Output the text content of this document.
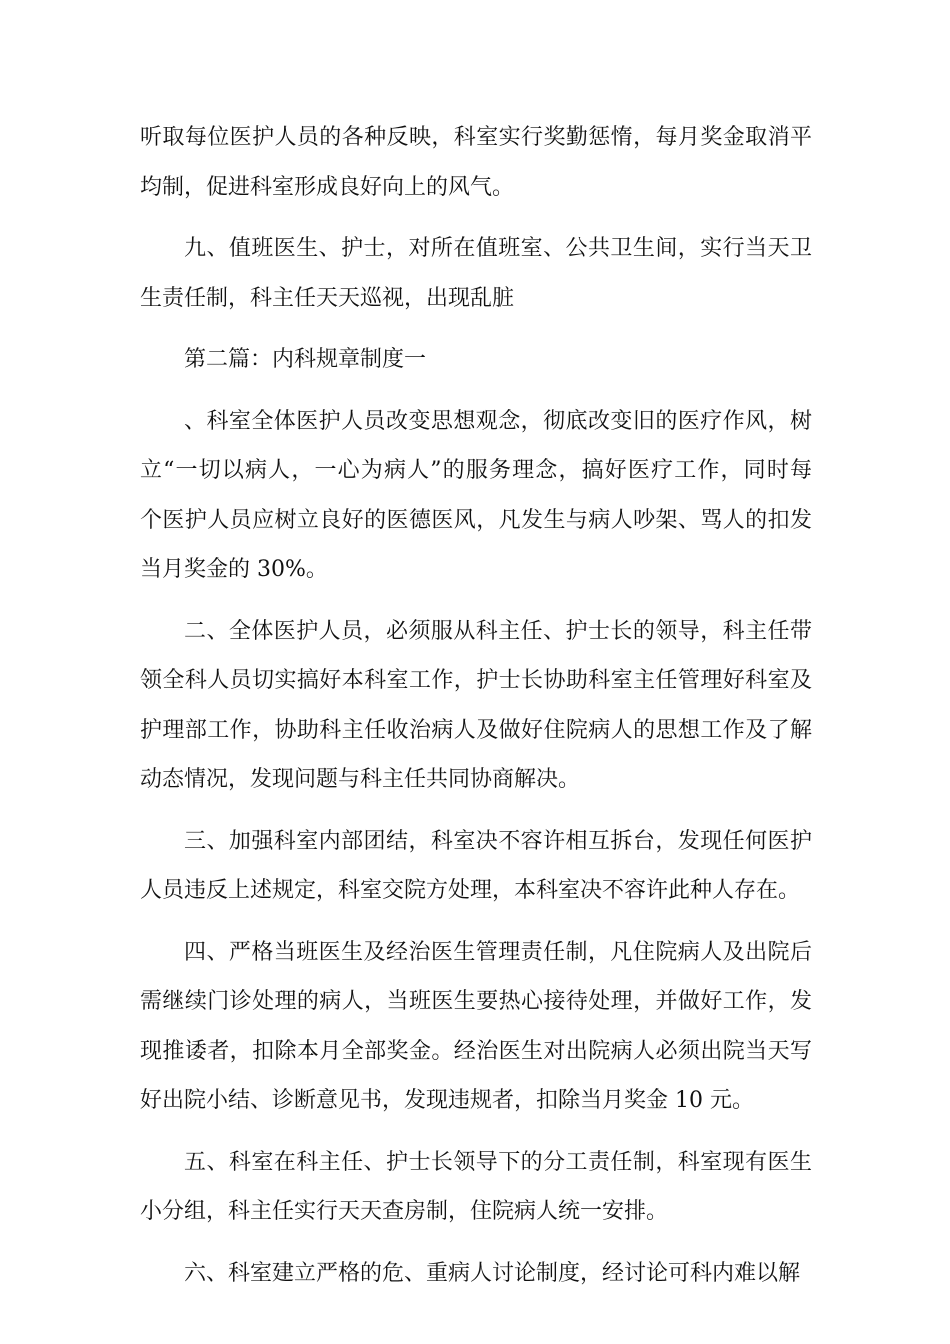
听取每位医护人员的各种反映，科室实行奖勤惩惰，每月奖金取消平
均制，促进科室形成良好向上的风气。

九、值班医生、护士，对所在值班室、公共卫生间，实行当天卫
生责任制，科主任天天巡视，出现乱脏

第二篇：内科规章制度一

、科室全体医护人员改变思想观念，彻底改变旧的医疗作风，树
立“一切以病人，一心为病人”的服务理念，搞好医疗工作，同时每
个医护人员应树立良好的医德医风，凡发生与病人吵架、骂人的扣发
当月奖金的 30%。

二、全体医护人员，必须服从科主任、护士长的领导，科主任带
领全科人员切实搞好本科室工作，护士长协助科室主任管理好科室及
护理部工作，协助科主任收治病人及做好住院病人的思想工作及了解
动态情况，发现问题与科主任共同协商解决。

三、加强科室内部团结，科室决不容许相互拆台，发现任何医护
人员违反上述规定，科室交院方处理，本科室决不容许此种人存在。

四、严格当班医生及经治医生管理责任制，凡住院病人及出院后
需继续门诊处理的病人，当班医生要热心接待处理，并做好工作，发
现推诿者，扣除本月全部奖金。经治医生对出院病人必须出院当天写
好出院小结、诊断意见书，发现违规者，扣除当月奖金 10 元。

五、科室在科主任、护士长领导下的分工责任制，科室现有医生
小分组，科主任实行天天查房制，住院病人统一安排。

六、科室建立严格的危、重病人讨论制度，经讨论可科内难以解
